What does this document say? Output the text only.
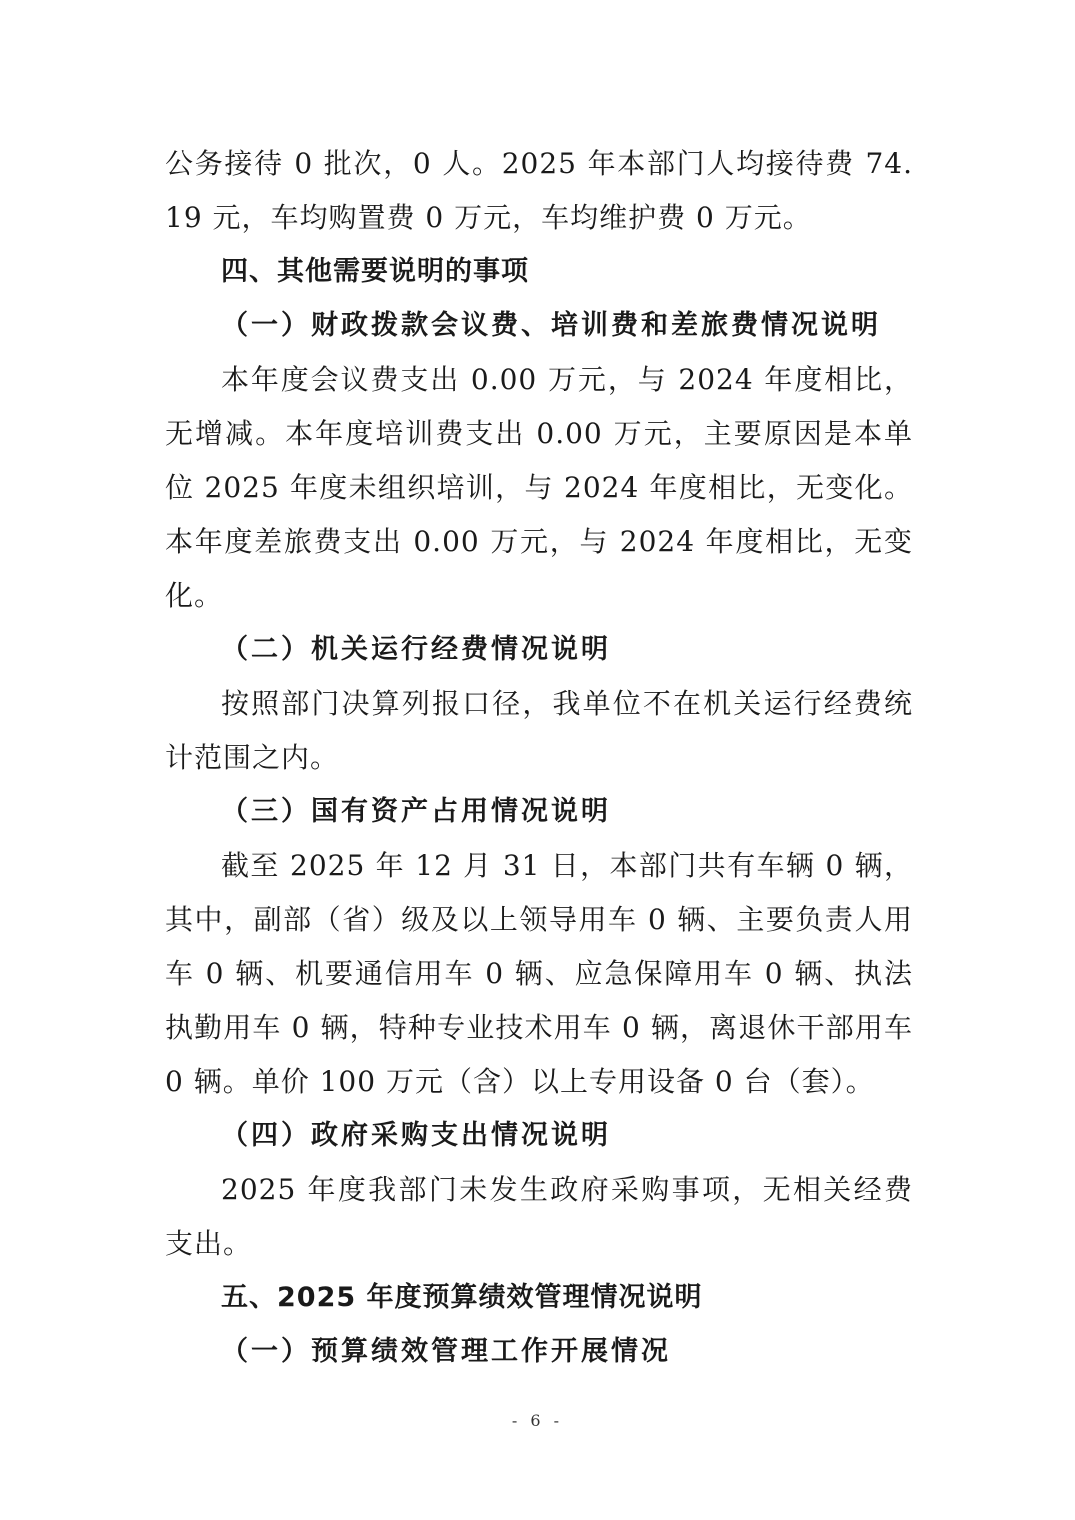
公务接待 0 批次，0 人。2025 年本部门人均接待费 74.19 元，车均购置费 0 万元，车均维护费 0 万元。

四、其他需要说明的事项

（一）财政拨款会议费、培训费和差旅费情况说明

本年度会议费支出 0.00 万元，与 2024 年度相比，无增减。本年度培训费支出 0.00 万元，主要原因是本单位 2025 年度未组织培训，与 2024 年度相比，无变化。本年度差旅费支出 0.00 万元，与 2024 年度相比，无变化。

（二）机关运行经费情况说明

按照部门决算列报口径，我单位不在机关运行经费统计范围之内。

（三）国有资产占用情况说明

截至 2025 年 12 月 31 日，本部门共有车辆 0 辆，其中，副部（省）级及以上领导用车 0 辆、主要负责人用车 0 辆、机要通信用车 0 辆、应急保障用车 0 辆、执法执勤用车 0 辆，特种专业技术用车 0 辆，离退休干部用车 0 辆。单价 100 万元（含）以上专用设备 0 台（套）。

（四）政府采购支出情况说明

2025 年度我部门未发生政府采购事项，无相关经费支出。

五、2025 年度预算绩效管理情况说明

（一）预算绩效管理工作开展情况

- 6 -
